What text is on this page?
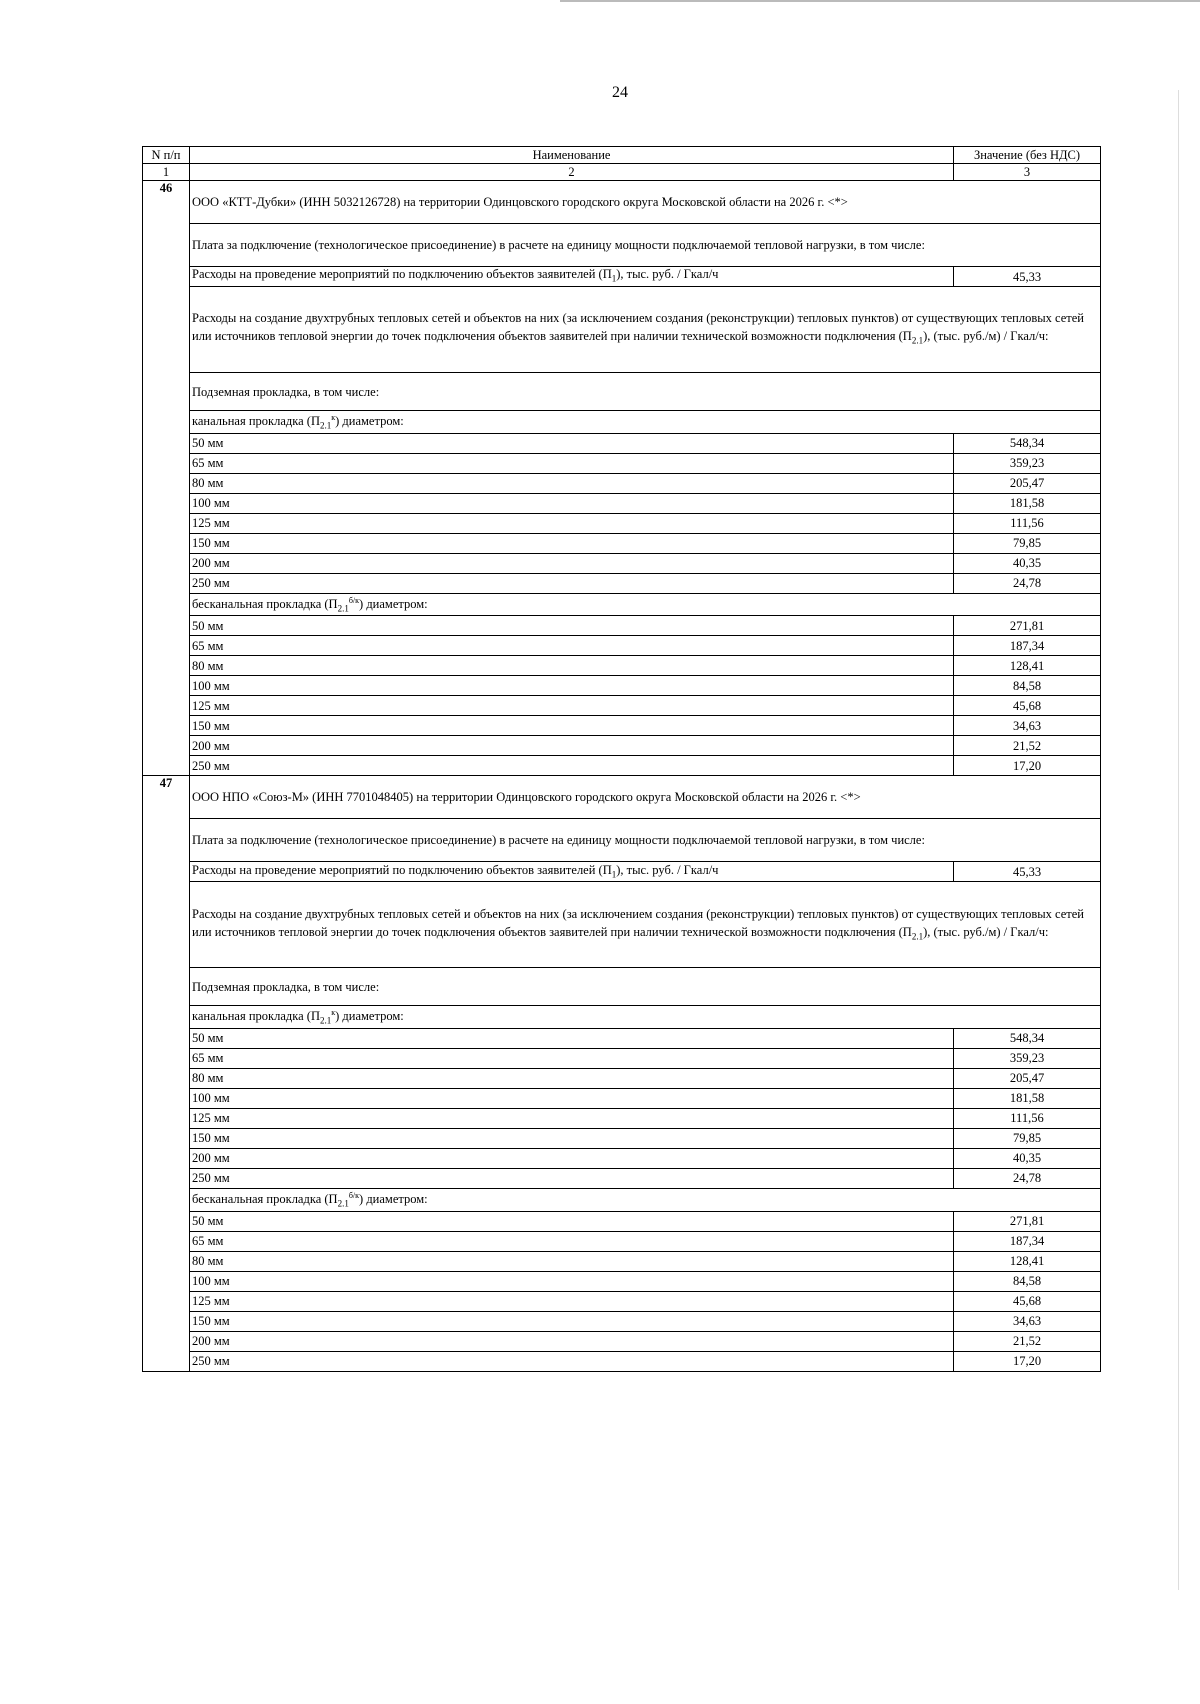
24
N п/п	Наименование	Значение (без НДС)
1	2	3
46	ООО «КТТ-Дубки» (ИНН 5032126728) на территории Одинцовского городского округа Московской области на 2026 г. <*>	
	Плата за подключение (технологическое присоединение) в расчете на единицу мощности подключаемой тепловой нагрузки, в том числе:	
	Расходы на проведение мероприятий по подключению объектов заявителей $(П_1)$, тыс. руб. / Гкал/ч	45,33
	Расходы на создание двухтрубных тепловых сетей и объектов на них (за исключением создания (реконструкции) тепловых пунктов) от существующих тепловых сетей или источников тепловой энергии до точек подключения объектов заявителей при наличии технической возможности подключения $(П_{2.1})$, (тыс. руб./м) / Гкал/ч:	
	Подземная прокладка, в том числе:	
	канальная прокладка $(П_{2.1}^к)$ диаметром:	
	50 мм	548,34
	65 мм	359,23
	80 мм	205,47
	100 мм	181,58
	125 мм	111,56
	150 мм	79,85
	200 мм	40,35
	250 мм	24,78
	бесканальная прокладка $(П_{2.1}^{б/к})$ диаметром:	
	50 мм	271,81
	65 мм	187,34
	80 мм	128,41
	100 мм	84,58
	125 мм	45,68
	150 мм	34,63
	200 мм	21,52
	250 мм	17,20
47	ООО НПО «Союз-М» (ИНН 7701048405) на территории Одинцовского городского округа Московской области на 2026 г. <*>	
	Плата за подключение (технологическое присоединение) в расчете на единицу мощности подключаемой тепловой нагрузки, в том числе:	
	Расходы на проведение мероприятий по подключению объектов заявителей $(П_1)$, тыс. руб. / Гкал/ч	45,33
	Расходы на создание двухтрубных тепловых сетей и объектов на них (за исключением создания (реконструкции) тепловых пунктов) от существующих тепловых сетей или источников тепловой энергии до точек подключения объектов заявителей при наличии технической возможности подключения $(П_{2.1})$, (тыс. руб./м) / Гкал/ч:	
	Подземная прокладка, в том числе:	
	канальная прокладка $(П_{2.1}^к)$ диаметром:	
	50 мм	548,34
	65 мм	359,23
	80 мм	205,47
	100 мм	181,58
	125 мм	111,56
	150 мм	79,85
	200 мм	40,35
	250 мм	24,78
	бесканальная прокладка $(П_{2.1}^{б/к})$ диаметром:	
	50 мм	271,81
	65 мм	187,34
	80 мм	128,41
	100 мм	84,58
	125 мм	45,68
	150 мм	34,63
	200 мм	21,52
	250 мм	17,20
